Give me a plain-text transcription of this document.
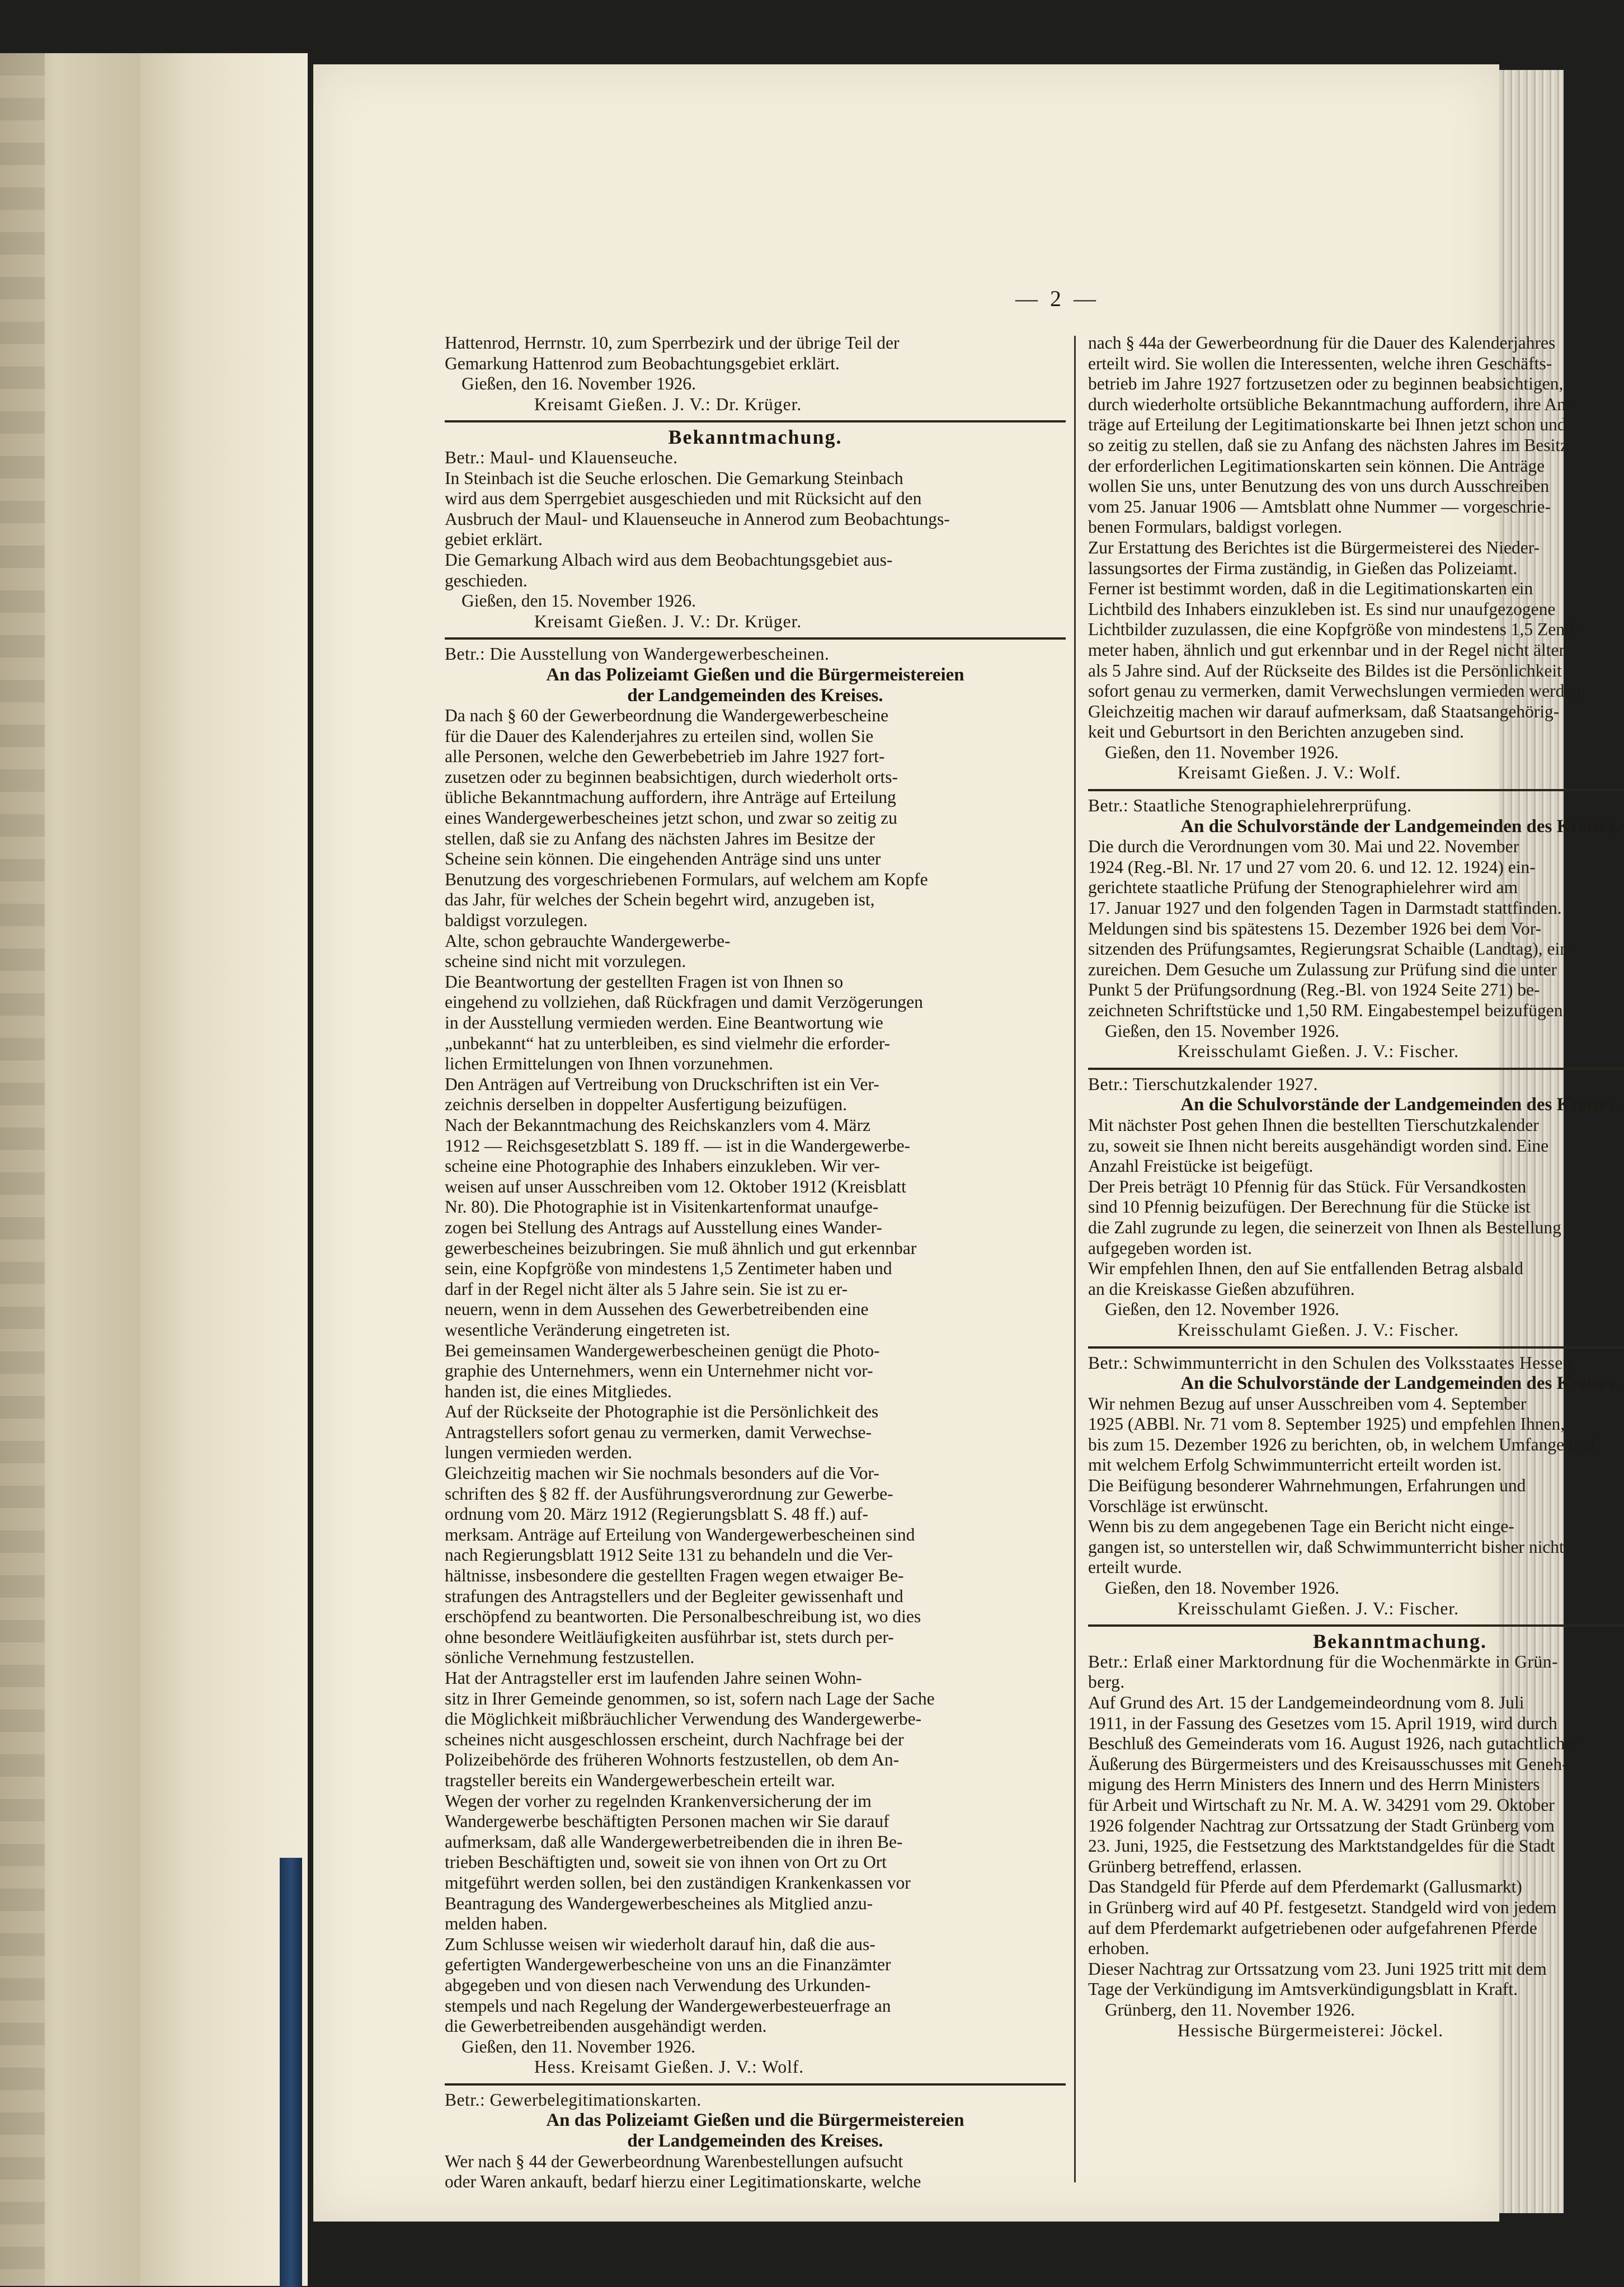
— 2 —
Hattenrod, Herrnstr. 10, zum Sperrbezirk und der übrige Teil der
Gemarkung Hattenrod zum Beobachtungsgebiet erklärt.
Gießen, den 16. November 1926.
Kreisamt Gießen. J. V.: Dr. Krüger.
Bekanntmachung.
Betr.: Maul- und Klauenseuche.
In Steinbach ist die Seuche erloschen. Die Gemarkung Steinbach
wird aus dem Sperrgebiet ausgeschieden und mit Rücksicht auf den
Ausbruch der Maul- und Klauenseuche in Annerod zum Beobachtungs-
gebiet erklärt.
Die Gemarkung Albach wird aus dem Beobachtungsgebiet aus-
geschieden.
Gießen, den 15. November 1926.
Kreisamt Gießen. J. V.: Dr. Krüger.
Betr.: Die Ausstellung von Wandergewerbescheinen.
An das Polizeiamt Gießen und die Bürgermeistereien
der Landgemeinden des Kreises.
Da nach § 60 der Gewerbeordnung die Wandergewerbescheine
für die Dauer des Kalenderjahres zu erteilen sind, wollen Sie
alle Personen, welche den Gewerbebetrieb im Jahre 1927 fort-
zusetzen oder zu beginnen beabsichtigen, durch wiederholt orts-
übliche Bekanntmachung auffordern, ihre Anträge auf Erteilung
eines Wandergewerbescheines jetzt schon, und zwar so zeitig zu
stellen, daß sie zu Anfang des nächsten Jahres im Besitze der
Scheine sein können. Die eingehenden Anträge sind uns unter
Benutzung des vorgeschriebenen Formulars, auf welchem am Kopfe
das Jahr, für welches der Schein begehrt wird, anzugeben ist,
baldigst vorzulegen.
Alte, schon gebrauchte Wandergewerbe-
scheine sind nicht mit vorzulegen.
Die Beantwortung der gestellten Fragen ist von Ihnen so
eingehend zu vollziehen, daß Rückfragen und damit Verzögerungen
in der Ausstellung vermieden werden. Eine Beantwortung wie
„unbekannt“ hat zu unterbleiben, es sind vielmehr die erforder-
lichen Ermittelungen von Ihnen vorzunehmen.
Den Anträgen auf Vertreibung von Druckschriften ist ein Ver-
zeichnis derselben in doppelter Ausfertigung beizufügen.
Nach der Bekanntmachung des Reichskanzlers vom 4. März
1912 — Reichsgesetzblatt S. 189 ff. — ist in die Wandergewerbe-
scheine eine Photographie des Inhabers einzukleben. Wir ver-
weisen auf unser Ausschreiben vom 12. Oktober 1912 (Kreisblatt
Nr. 80). Die Photographie ist in Visitenkartenformat unaufge-
zogen bei Stellung des Antrags auf Ausstellung eines Wander-
gewerbescheines beizubringen. Sie muß ähnlich und gut erkennbar
sein, eine Kopfgröße von mindestens 1,5 Zentimeter haben und
darf in der Regel nicht älter als 5 Jahre sein. Sie ist zu er-
neuern, wenn in dem Aussehen des Gewerbetreibenden eine
wesentliche Veränderung eingetreten ist.
Bei gemeinsamen Wandergewerbescheinen genügt die Photo-
graphie des Unternehmers, wenn ein Unternehmer nicht vor-
handen ist, die eines Mitgliedes.
Auf der Rückseite der Photographie ist die Persönlichkeit des
Antragstellers sofort genau zu vermerken, damit Verwechse-
lungen vermieden werden.
Gleichzeitig machen wir Sie nochmals besonders auf die Vor-
schriften des § 82 ff. der Ausführungsverordnung zur Gewerbe-
ordnung vom 20. März 1912 (Regierungsblatt S. 48 ff.) auf-
merksam. Anträge auf Erteilung von Wandergewerbescheinen sind
nach Regierungsblatt 1912 Seite 131 zu behandeln und die Ver-
hältnisse, insbesondere die gestellten Fragen wegen etwaiger Be-
strafungen des Antragstellers und der Begleiter gewissenhaft und
erschöpfend zu beantworten. Die Personalbeschreibung ist, wo dies
ohne besondere Weitläufigkeiten ausführbar ist, stets durch per-
sönliche Vernehmung festzustellen.
Hat der Antragsteller erst im laufenden Jahre seinen Wohn-
sitz in Ihrer Gemeinde genommen, so ist, sofern nach Lage der Sache
die Möglichkeit mißbräuchlicher Verwendung des Wandergewerbe-
scheines nicht ausgeschlossen erscheint, durch Nachfrage bei der
Polizeibehörde des früheren Wohnorts festzustellen, ob dem An-
tragsteller bereits ein Wandergewerbeschein erteilt war.
Wegen der vorher zu regelnden Krankenversicherung der im
Wandergewerbe beschäftigten Personen machen wir Sie darauf
aufmerksam, daß alle Wandergewerbetreibenden die in ihren Be-
trieben Beschäftigten und, soweit sie von ihnen von Ort zu Ort
mitgeführt werden sollen, bei den zuständigen Krankenkassen vor
Beantragung des Wandergewerbescheines als Mitglied anzu-
melden haben.
Zum Schlusse weisen wir wiederholt darauf hin, daß die aus-
gefertigten Wandergewerbescheine von uns an die Finanzämter
abgegeben und von diesen nach Verwendung des Urkunden-
stempels und nach Regelung der Wandergewerbesteuerfrage an
die Gewerbetreibenden ausgehändigt werden.
Gießen, den 11. November 1926.
Hess. Kreisamt Gießen. J. V.: Wolf.
Betr.: Gewerbelegitimationskarten.
An das Polizeiamt Gießen und die Bürgermeistereien
der Landgemeinden des Kreises.
Wer nach § 44 der Gewerbeordnung Warenbestellungen aufsucht
oder Waren ankauft, bedarf hierzu einer Legitimationskarte, welche
nach § 44a der Gewerbeordnung für die Dauer des Kalenderjahres
erteilt wird. Sie wollen die Interessenten, welche ihren Geschäfts-
betrieb im Jahre 1927 fortzusetzen oder zu beginnen beabsichtigen,
durch wiederholte ortsübliche Bekanntmachung auffordern, ihre An-
träge auf Erteilung der Legitimationskarte bei Ihnen jetzt schon und
so zeitig zu stellen, daß sie zu Anfang des nächsten Jahres im Besitz
der erforderlichen Legitimationskarten sein können. Die Anträge
wollen Sie uns, unter Benutzung des von uns durch Ausschreiben
vom 25. Januar 1906 — Amtsblatt ohne Nummer — vorgeschrie-
benen Formulars, baldigst vorlegen.
Zur Erstattung des Berichtes ist die Bürgermeisterei des Nieder-
lassungsortes der Firma zuständig, in Gießen das Polizeiamt.
Ferner ist bestimmt worden, daß in die Legitimationskarten ein
Lichtbild des Inhabers einzukleben ist. Es sind nur unaufgezogene
Lichtbilder zuzulassen, die eine Kopfgröße von mindestens 1,5 Zenti-
meter haben, ähnlich und gut erkennbar und in der Regel nicht älter
als 5 Jahre sind. Auf der Rückseite des Bildes ist die Persönlichkeit
sofort genau zu vermerken, damit Verwechslungen vermieden werden.
Gleichzeitig machen wir darauf aufmerksam, daß Staatsangehörig-
keit und Geburtsort in den Berichten anzugeben sind.
Gießen, den 11. November 1926.
Kreisamt Gießen. J. V.: Wolf.
Betr.: Staatliche Stenographielehrerprüfung.
An die Schulvorstände der Landgemeinden des Kreises.
Die durch die Verordnungen vom 30. Mai und 22. November
1924 (Reg.-Bl. Nr. 17 und 27 vom 20. 6. und 12. 12. 1924) ein-
gerichtete staatliche Prüfung der Stenographielehrer wird am
17. Januar 1927 und den folgenden Tagen in Darmstadt stattfinden.
Meldungen sind bis spätestens 15. Dezember 1926 bei dem Vor-
sitzenden des Prüfungsamtes, Regierungsrat Schaible (Landtag), ein-
zureichen. Dem Gesuche um Zulassung zur Prüfung sind die unter
Punkt 5 der Prüfungsordnung (Reg.-Bl. von 1924 Seite 271) be-
zeichneten Schriftstücke und 1,50 RM. Eingabestempel beizufügen.
Gießen, den 15. November 1926.
Kreisschulamt Gießen. J. V.: Fischer.
Betr.: Tierschutzkalender 1927.
An die Schulvorstände der Landgemeinden des Kreises.
Mit nächster Post gehen Ihnen die bestellten Tierschutzkalender
zu, soweit sie Ihnen nicht bereits ausgehändigt worden sind. Eine
Anzahl Freistücke ist beigefügt.
Der Preis beträgt 10 Pfennig für das Stück. Für Versandkosten
sind 10 Pfennig beizufügen. Der Berechnung für die Stücke ist
die Zahl zugrunde zu legen, die seinerzeit von Ihnen als Bestellung
aufgegeben worden ist.
Wir empfehlen Ihnen, den auf Sie entfallenden Betrag alsbald
an die Kreiskasse Gießen abzuführen.
Gießen, den 12. November 1926.
Kreisschulamt Gießen. J. V.: Fischer.
Betr.: Schwimmunterricht in den Schulen des Volksstaates Hessen.
An die Schulvorstände der Landgemeinden des Kreises.
Wir nehmen Bezug auf unser Ausschreiben vom 4. September
1925 (ABBl. Nr. 71 vom 8. September 1925) und empfehlen Ihnen,
bis zum 15. Dezember 1926 zu berichten, ob, in welchem Umfange und
mit welchem Erfolg Schwimmunterricht erteilt worden ist.
Die Beifügung besonderer Wahrnehmungen, Erfahrungen und
Vorschläge ist erwünscht.
Wenn bis zu dem angegebenen Tage ein Bericht nicht einge-
gangen ist, so unterstellen wir, daß Schwimmunterricht bisher nicht
erteilt wurde.
Gießen, den 18. November 1926.
Kreisschulamt Gießen. J. V.: Fischer.
Bekanntmachung.
Betr.: Erlaß einer Marktordnung für die Wochenmärkte in Grün-
berg.
Auf Grund des Art. 15 der Landgemeindeordnung vom 8. Juli
1911, in der Fassung des Gesetzes vom 15. April 1919, wird durch
Beschluß des Gemeinderats vom 16. August 1926, nach gutachtlicher
Äußerung des Bürgermeisters und des Kreisausschusses mit Geneh-
migung des Herrn Ministers des Innern und des Herrn Ministers
für Arbeit und Wirtschaft zu Nr. M. A. W. 34291 vom 29. Oktober
1926 folgender Nachtrag zur Ortssatzung der Stadt Grünberg vom
23. Juni, 1925, die Festsetzung des Marktstandgeldes für die Stadt
Grünberg betreffend, erlassen.
Das Standgeld für Pferde auf dem Pferdemarkt (Gallusmarkt)
in Grünberg wird auf 40 Pf. festgesetzt. Standgeld wird von jedem
auf dem Pferdemarkt aufgetriebenen oder aufgefahrenen Pferde
erhoben.
Dieser Nachtrag zur Ortssatzung vom 23. Juni 1925 tritt mit dem
Tage der Verkündigung im Amtsverkündigungsblatt in Kraft.
Grünberg, den 11. November 1926.
Hessische Bürgermeisterei: Jöckel.
